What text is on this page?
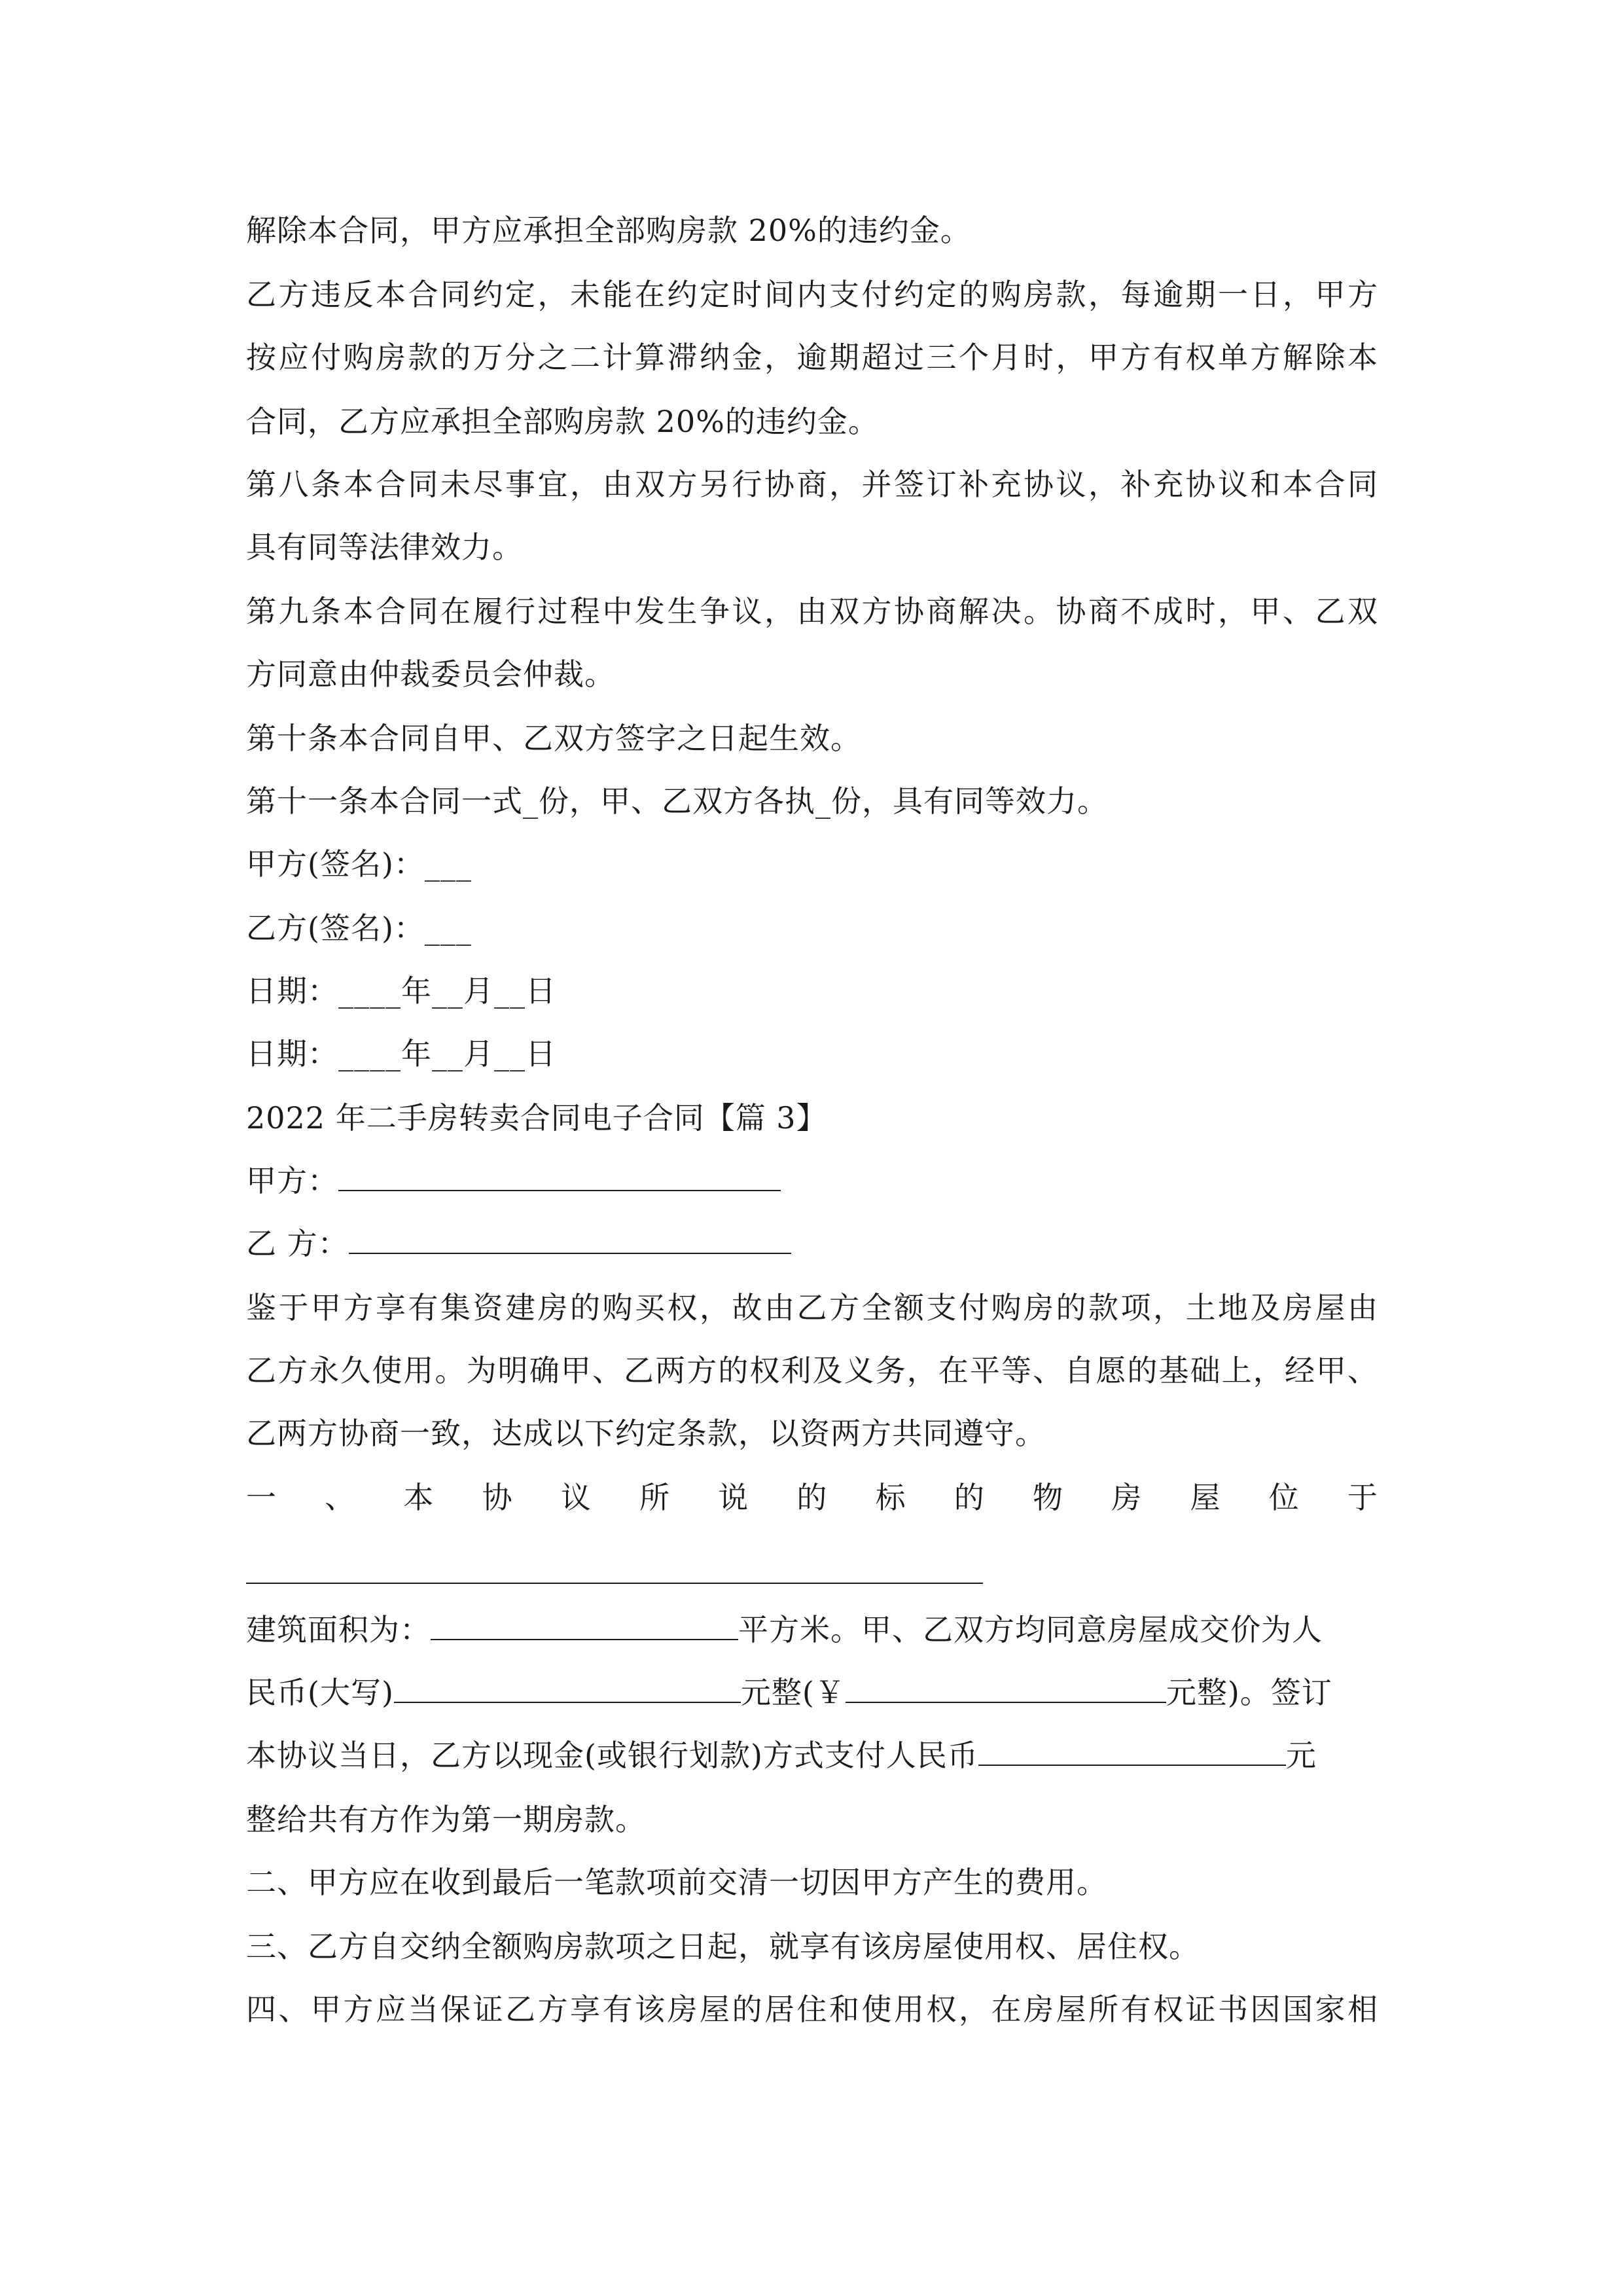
解除本合同，甲方应承担全部购房款 20%的违约金。
乙方违反本合同约定，未能在约定时间内支付约定的购房款，每逾期一日，甲方
按应付购房款的万分之二计算滞纳金，逾期超过三个月时，甲方有权单方解除本
合同，乙方应承担全部购房款 20%的违约金。
第八条本合同未尽事宜，由双方另行协商，并签订补充协议，补充协议和本合同
具有同等法律效力。
第九条本合同在履行过程中发生争议，由双方协商解决。协商不成时，甲、乙双
方同意由仲裁委员会仲裁。
第十条本合同自甲、乙双方签字之日起生效。
第十一条本合同一式_份，甲、乙双方各执_份，具有同等效力。
甲方(签名)：___
乙方(签名)：___
日期：____年__月__日
日期：____年__月__日
2022 年二手房转卖合同电子合同【篇 3】
甲方：
乙 方：
鉴于甲方享有集资建房的购买权，故由乙方全额支付购房的款项，土地及房屋由
乙方永久使用。为明确甲、乙两方的权利及义务，在平等、自愿的基础上，经甲、
乙两方协商一致，达成以下约定条款，以资两方共同遵守。
一 、 本 协 议 所 说 的 标 的 物 房 屋 位 于
建筑面积为：	平方米。甲、乙双方均同意房屋成交价为人
民币(大写)	元整(￥	元整)。签订
本协议当日，乙方以现金(或银行划款)方式支付人民币	元
整给共有方作为第一期房款。
二、甲方应在收到最后一笔款项前交清一切因甲方产生的费用。
三、乙方自交纳全额购房款项之日起，就享有该房屋使用权、居住权。
四、甲方应当保证乙方享有该房屋的居住和使用权，在房屋所有权证书因国家相
